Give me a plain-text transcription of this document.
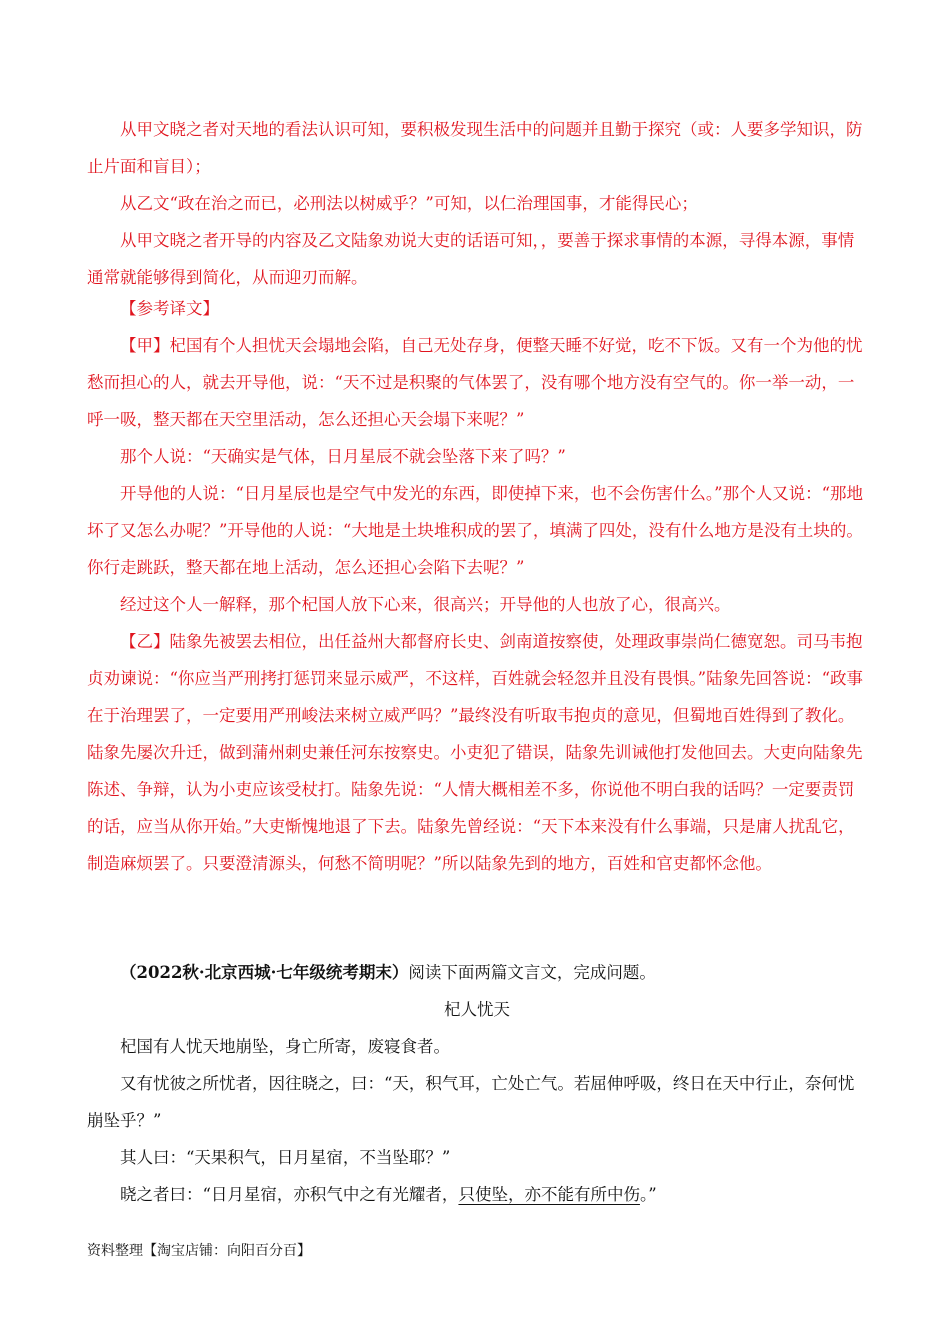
从甲文晓之者对天地的看法认识可知，要积极发现生活中的问题并且勤于探究（或：人要多学知识，防止片面和盲目）；

从乙文“政在治之而已，必刑法以树威乎？”可知，以仁治理国事，才能得民心；

从甲文晓之者开导的内容及乙文陆象劝说大吏的话语可知，，要善于探求事情的本源，寻得本源，事情通常就能够得到简化，从而迎刃而解。

【参考译文】

【甲】杞国有个人担忧天会塌地会陷，自己无处存身，便整天睡不好觉，吃不下饭。又有一个为他的忧愁而担心的人，就去开导他，说：“天不过是积聚的气体罢了，没有哪个地方没有空气的。你一举一动，一呼一吸，整天都在天空里活动，怎么还担心天会塌下来呢？”

那个人说：“天确实是气体，日月星辰不就会坠落下来了吗？”

开导他的人说：“日月星辰也是空气中发光的东西，即使掉下来，也不会伤害什么。”那个人又说：“那地坏了又怎么办呢？”开导他的人说：“大地是土块堆积成的罢了，填满了四处，没有什么地方是没有土块的。你行走跳跃，整天都在地上活动，怎么还担心会陷下去呢？”

经过这个人一解释，那个杞国人放下心来，很高兴；开导他的人也放了心，很高兴。

【乙】陆象先被罢去相位，出任益州大都督府长史、剑南道按察使，处理政事崇尚仁德宽恕。司马韦抱贞劝谏说：“你应当严刑拷打惩罚来显示威严，不这样，百姓就会轻忽并且没有畏惧。”陆象先回答说：“政事在于治理罢了，一定要用严刑峻法来树立威严吗？”最终没有听取韦抱贞的意见，但蜀地百姓得到了教化。陆象先屡次升迁，做到蒲州刺史兼任河东按察史。小吏犯了错误，陆象先训诫他打发他回去。大吏向陆象先陈述、争辩，认为小吏应该受杖打。陆象先说：“人情大概相差不多，你说他不明白我的话吗？一定要责罚的话，应当从你开始。”大吏惭愧地退了下去。陆象先曾经说：“天下本来没有什么事端，只是庸人扰乱它，制造麻烦罢了。只要澄清源头，何愁不简明呢？”所以陆象先到的地方，百姓和官吏都怀念他。

（2022秋·北京西城·七年级统考期末）阅读下面两篇文言文，完成问题。

杞人忧天

杞国有人忧天地崩坠，身亡所寄，废寝食者。

又有忧彼之所忧者，因往晓之，曰：“天，积气耳，亡处亡气。若屈伸呼吸，终日在天中行止，奈何忧崩坠乎？”

其人曰：“天果积气，日月星宿，不当坠耶？”

晓之者曰：“日月星宿，亦积气中之有光耀者，只使坠，亦不能有所中伤。”

资料整理【淘宝店铺：向阳百分百】
